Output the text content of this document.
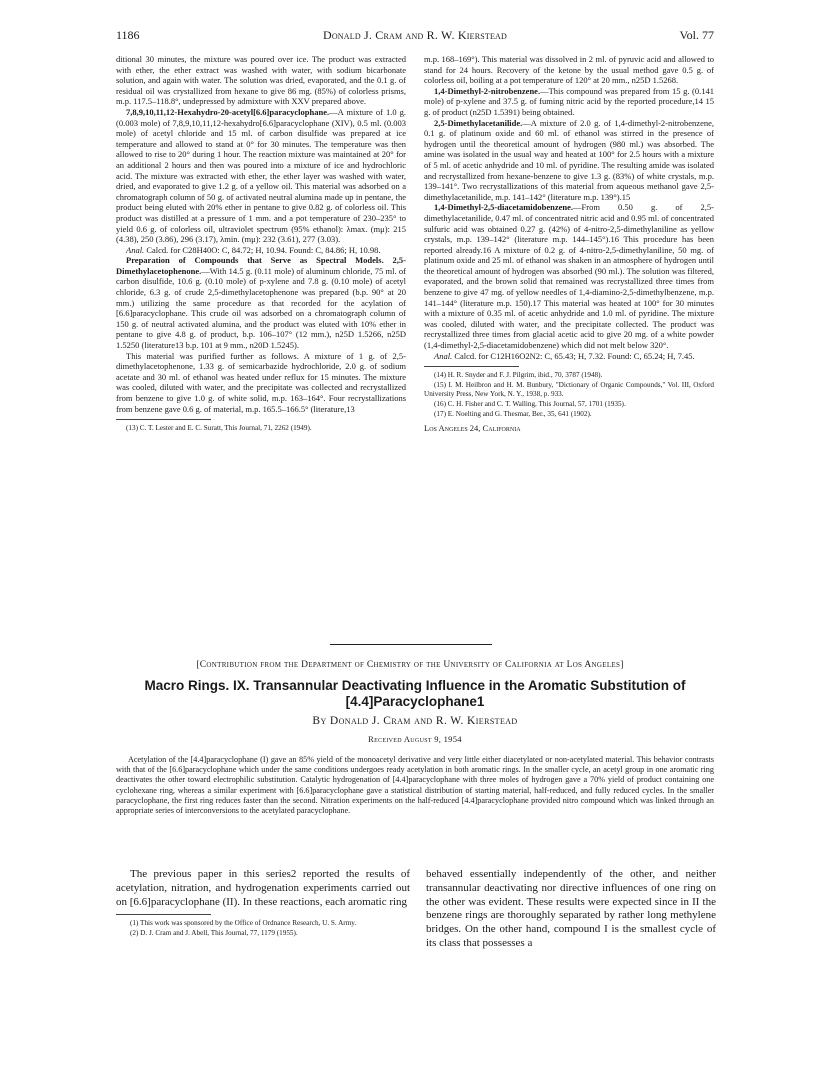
1186	Donald J. Cram and R. W. Kierstead	Vol. 77

ditional 30 minutes, the mixture was poured over ice. The product was extracted with ether, the ether extract was washed with water, with sodium bicarbonate solution, and again with water. The solution was dried, evaporated, and the 0.1 g. of residual oil was crystallized from hexane to give 86 mg. (85%) of colorless prisms, m.p. 117.5–118.8°, undepressed by admixture with XXV prepared above.

7,8,9,10,11,12-Hexahydro-20-acetyl[6.6]paracyclophane.—A mixture of 1.0 g. (0.003 mole) of 7,8,9,10,11,12-hexahydro[6.6]paracyclophane (XIV), 0.5 ml. (0.003 mole) of acetyl chloride and 15 ml. of carbon disulfide was prepared at ice temperature and allowed to stand at 0° for 30 minutes. The temperature was then allowed to rise to 20° during 1 hour. The reaction mixture was maintained at 20° for an additional 2 hours and then was poured into a mixture of ice and hydrochloric acid. The mixture was extracted with ether, the ether layer was washed with water, dried, and evaporated to give 1.2 g. of a yellow oil. This material was adsorbed on a chromatograph column of 50 g. of activated neutral alumina made up in pentane, the product being eluted with 20% ether in pentane to give 0.82 g. of colorless oil. This product was distilled at a pressure of 1 mm. and a pot temperature of 230–235° to yield 0.6 g. of colorless oil, ultraviolet spectrum (95% ethanol): λmax. (mμ): 215 (4.38), 250 (3.86), 296 (3.17), λmin. (mμ): 232 (3.61), 277 (3.03).

Anal. Calcd. for C28H40O: C, 84.72; H, 10.94. Found: C, 84.86; H, 10.98.

Preparation of Compounds that Serve as Spectral Models. 2,5-Dimethylacetophenone.—With 14.5 g. (0.11 mole) of aluminum chloride, 75 ml. of carbon disulfide, 10.6 g. (0.10 mole) of p-xylene and 7.8 g. (0.10 mole) of acetyl chloride, 6.3 g. of crude 2,5-dimethylacetophenone was prepared (b.p. 90° at 20 mm.) utilizing the same procedure as that recorded for the acylation of [6.6]paracyclophane. This crude oil was adsorbed on a chromatograph column of 150 g. of neutral activated alumina, and the product was eluted with 10% ether in pentane to give 4.8 g. of product, b.p. 106–107° (12 mm.), n25D 1.5266, n25D 1.5250 (literature13 b.p. 101 at 9 mm., n20D 1.5245).

This material was purified further as follows. A mixture of 1 g. of 2,5-dimethylacetophenone, 1.33 g. of semicarbazide hydrochloride, 2.0 g. of sodium acetate and 30 ml. of ethanol was heated under reflux for 15 minutes. The mixture was cooled, diluted with water, and the precipitate was collected and recrystallized from benzene to give 1.0 g. of white solid, m.p. 163–164°. Four recrystallizations from benzene gave 0.6 g. of material, m.p. 165.5–166.5° (literature,13

(13) C. T. Lester and E. C. Suratt, This Journal, 71, 2262 (1949).

m.p. 168–169°). This material was dissolved in 2 ml. of pyruvic acid and allowed to stand for 24 hours. Recovery of the ketone by the usual method gave 0.5 g. of colorless oil, boiling at a pot temperature of 120° at 20 mm., n25D 1.5268.

1,4-Dimethyl-2-nitrobenzene.—This compound was prepared from 15 g. (0.141 mole) of p-xylene and 37.5 g. of fuming nitric acid by the reported procedure,14 15 g. of product (n25D 1.5391) being obtained.

2,5-Dimethylacetanilide.—A mixture of 2.0 g. of 1,4-dimethyl-2-nitrobenzene, 0.1 g. of platinum oxide and 60 ml. of ethanol was stirred in the presence of hydrogen until the theoretical amount of hydrogen (980 ml.) was absorbed. The amine was isolated in the usual way and heated at 100° for 2.5 hours with a mixture of 5 ml. of acetic anhydride and 10 ml. of pyridine. The resulting amide was isolated and recrystallized from hexane-benzene to give 1.3 g. (83%) of white crystals, m.p. 139–141°. Two recrystallizations of this material from aqueous methanol gave 2,5-dimethylacetanilide, m.p. 141–142° (literature m.p. 139°).15

1,4-Dimethyl-2,5-diacetamidobenzene.—From 0.50 g. of 2,5-dimethylacetanilide, 0.47 ml. of concentrated nitric acid and 0.95 ml. of concentrated sulfuric acid was obtained 0.27 g. (42%) of 4-nitro-2,5-dimethylaniline as yellow crystals, m.p. 139–142° (literature m.p. 144–145°).16 This procedure has been reported already.16 A mixture of 0.2 g. of 4-nitro-2,5-dimethylaniline, 50 mg. of platinum oxide and 25 ml. of ethanol was shaken in an atmosphere of hydrogen until the theoretical amount of hydrogen was absorbed (90 ml.). The solution was filtered, evaporated, and the brown solid that remained was recrystallized three times from benzene to give 47 mg. of yellow needles of 1,4-diamino-2,5-dimethylbenzene, m.p. 141–144° (literature m.p. 150).17 This material was heated at 100° for 30 minutes with a mixture of 0.35 ml. of acetic anhydride and 1.0 ml. of pyridine. The mixture was cooled, diluted with water, and the precipitate collected. The product was recrystallized three times from glacial acetic acid to give 20 mg. of a white powder (1,4-dimethyl-2,5-diacetamidobenzene) which did not melt below 320°.

Anal. Calcd. for C12H16O2N2: C, 65.43; H, 7.32. Found: C, 65.24; H, 7.45.

(14) H. R. Snyder and F. J. Pilgrim, ibid., 70, 3787 (1948).

(15) I. M. Heilbron and H. M. Bunbury, "Dictionary of Organic Compounds," Vol. III, Oxford University Press, New York, N. Y., 1938, p. 933.

(16) C. H. Fisher and C. T. Walling, This Journal, 57, 1701 (1935).

(17) E. Noelting and G. Thesmar, Ber., 35, 641 (1902).

Los Angeles 24, California
[Contribution from the Department of Chemistry of the University of California at Los Angeles]
Macro Rings. IX. Transannular Deactivating Influence in the Aromatic Substitution of [4.4]Paracyclophane1
By Donald J. Cram and R. W. Kierstead
Received August 9, 1954

Acetylation of the [4.4]paracyclophane (I) gave an 85% yield of the monoacetyl derivative and very little either diacetylated or non-acetylated material. This behavior contrasts with that of the [6.6]paracyclophane which under the same conditions undergoes ready acetylation in both aromatic rings. In the smaller cycle, an acetyl group in one aromatic ring deactivates the other toward electrophilic substitution. Catalytic hydrogenation of [4.4]paracyclophane with three moles of hydrogen gave a 70% yield of product containing one cyclohexane ring, whereas a similar experiment with [6.6]paracyclophane gave a statistical distribution of starting material, half-reduced, and fully reduced cycles. In the smaller paracyclophane, the first ring reduces faster than the second. Nitration experiments on the half-reduced [4.4]paracyclophane provided nitro compound which was linked through an appropriate series of interconversions to the acetylated paracyclophane.

The previous paper in this series2 reported the results of acetylation, nitration, and hydrogenation experiments carried out on [6.6]paracyclophane (II). In these reactions, each aromatic ring

(1) This work was sponsored by the Office of Ordnance Research, U. S. Army.

(2) D. J. Cram and J. Abell, This Journal, 77, 1179 (1955).

behaved essentially independently of the other, and neither transannular deactivating nor directive influences of one ring on the other was evident. These results were expected since in II the benzene rings are thoroughly separated by rather long methylene bridges. On the other hand, compound I is the smallest cycle of its class that possesses a
